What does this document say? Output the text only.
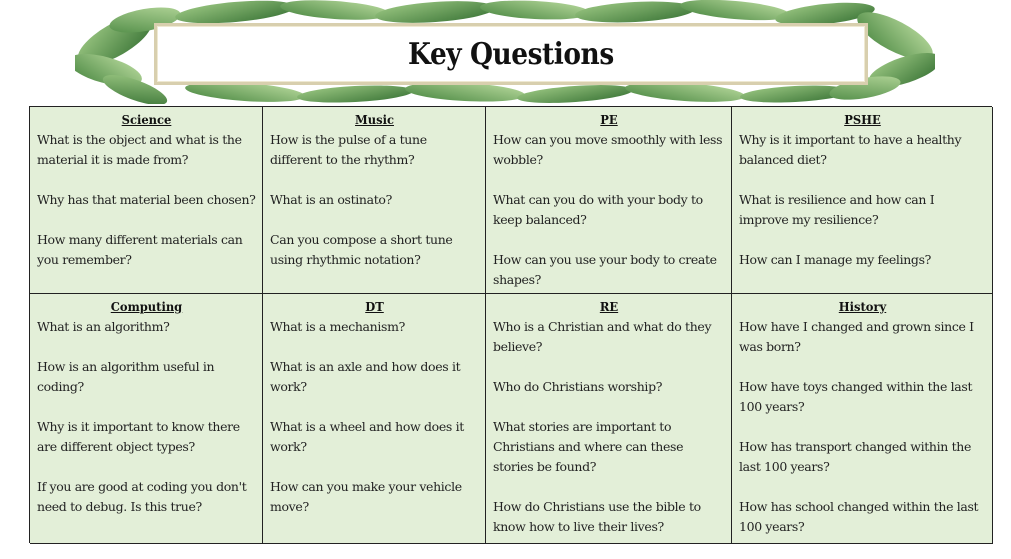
Key Questions
Science
What is the object and what is the material it is made from?
Why has that material been chosen?
How many different materials can you remember?
Music
How is the pulse of a tune different to the rhythm?
What is an ostinato?
Can you compose a short tune using rhythmic notation?
PE
How can you move smoothly with less wobble?
What can you do with your body to keep balanced?
How can you use your body to create shapes?
PSHE
Why is it important to have a healthy balanced diet?
What is resilience and how can I improve my resilience?
How can I manage my feelings?
Computing
What is an algorithm?
How is an algorithm useful in coding?
Why is it important to know there are different object types?
If you are good at coding you don't need to debug. Is this true?
DT
What is a mechanism?
What is an axle and how does it work?
What is a wheel and how does it work?
How can you make your vehicle move?
RE
Who is a Christian and what do they believe?
Who do Christians worship?
What stories are important to Christians and where can these stories be found?
How do Christians use the bible to know how to live their lives?
History
How have I changed and grown since I was born?
How have toys changed within the last 100 years?
How has transport changed within the last 100 years?
How has school changed within the last 100 years?
